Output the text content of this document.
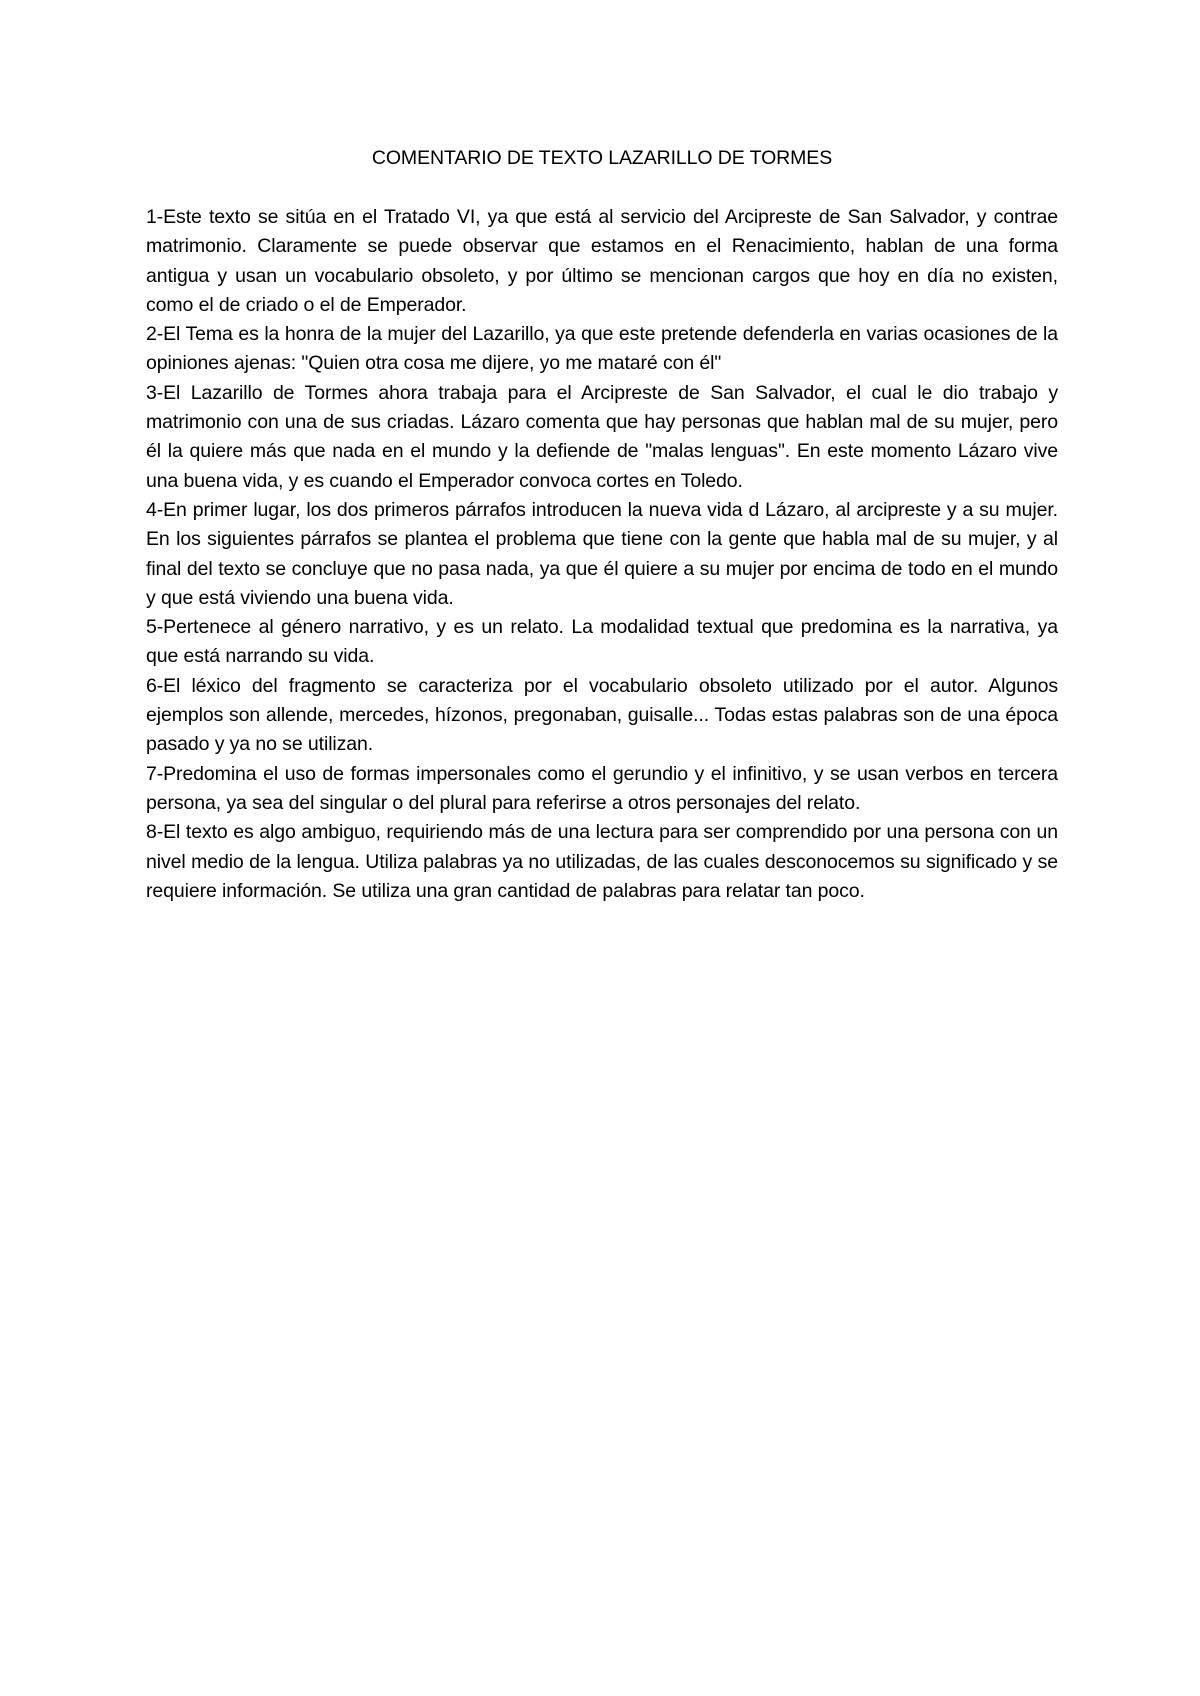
COMENTARIO DE TEXTO LAZARILLO DE TORMES

1-Este texto se sitúa en el Tratado VI, ya que está al servicio del Arcipreste de San Salvador, y contrae matrimonio. Claramente se puede observar que estamos en el Renacimiento, hablan de una forma antigua y usan un vocabulario obsoleto, y por último se mencionan cargos que hoy en día no existen, como el de criado o el de Emperador.

2-El Tema es la honra de la mujer del Lazarillo, ya que este pretende defenderla en varias ocasiones de la opiniones ajenas: "Quien otra cosa me dijere, yo me mataré con él"

3-El Lazarillo de Tormes ahora trabaja para el Arcipreste de San Salvador, el cual le dio trabajo y matrimonio con una de sus criadas. Lázaro comenta que hay personas que hablan mal de su mujer, pero él la quiere más que nada en el mundo y la defiende de "malas lenguas". En este momento Lázaro vive una buena vida, y es cuando el Emperador convoca cortes en Toledo.

4-En primer lugar, los dos primeros párrafos introducen la nueva vida d Lázaro, al arcipreste y a su mujer. En los siguientes párrafos se plantea el problema que tiene con la gente que habla mal de su mujer, y al final del texto se concluye que no pasa nada, ya que él quiere a su mujer por encima de todo en el mundo y que está viviendo una buena vida.

5-Pertenece al género narrativo, y es un relato. La modalidad textual que predomina es la narrativa, ya que está narrando su vida.

6-El léxico del fragmento se caracteriza por el vocabulario obsoleto utilizado por el autor. Algunos ejemplos son allende, mercedes, hízonos, pregonaban, guisalle... Todas estas palabras son de una época pasado y ya no se utilizan.

7-Predomina el uso de formas impersonales como el gerundio y el infinitivo, y se usan verbos en tercera persona, ya sea del singular o del plural para referirse a otros personajes del relato.

8-El texto es algo ambiguo, requiriendo más de una lectura para ser comprendido por una persona con un nivel medio de la lengua. Utiliza palabras ya no utilizadas, de las cuales desconocemos su significado y se requiere información. Se utiliza una gran cantidad de palabras para relatar tan poco.
